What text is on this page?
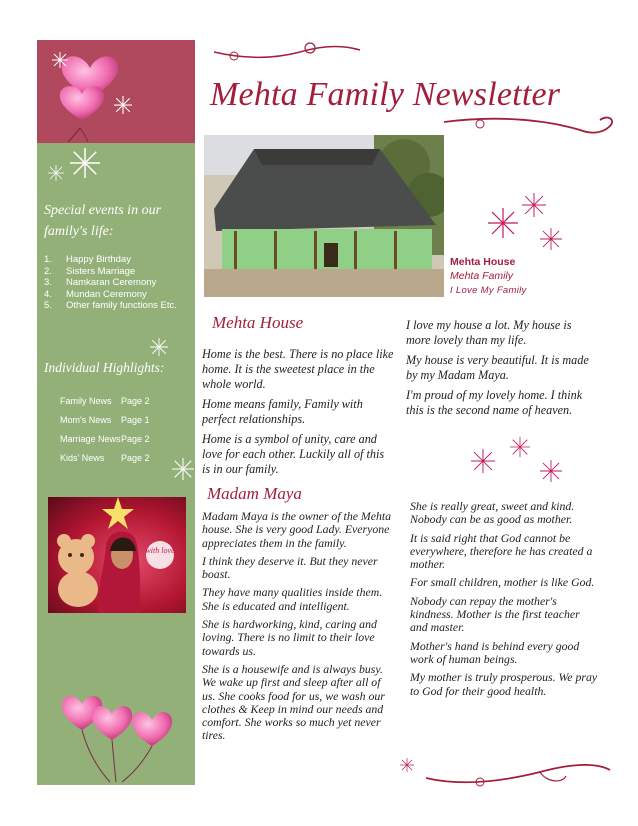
Special events in our family's life:
1.	Happy Birthday
2.	Sisters Marriage
3.	Namkaran Ceremony
4.	Mundan Ceremony
5.	Other family functions Etc.
Individual Highlights:
Family News	Page 2
Mom's News	Page 1
Marriage News Page 2
Kids' News	Page 2
with love
Mehta Family Newsletter
Mehta House
Mehta Family
I Love My Family
Mehta House

Home is the best. There is no place like home. It is the sweetest place in the whole world.

Home means family, Family with perfect relationships.

Home is a symbol of unity, care and love for each other. Luckily all of this is in our family.

I love my house a lot. My house is more lovely than my life.

My house is very beautiful. It is made by my Madam Maya.

I'm proud of my lovely home. I think this is the second name of heaven.

Madam Maya

Madam Maya is the owner of the Mehta house. She is very good Lady. Everyone appreciates them in the family.

I think they deserve it. But they never boast.

They have many qualities inside them. She is educated and intelligent.

She is hardworking, kind, caring and loving. There is no limit to their love towards us.

She is a housewife and is always busy. We wake up first and sleep after all of us. She cooks food for us, we wash our clothes & Keep in mind our needs and comfort. She works so much yet never tires.

She is really great, sweet and kind. Nobody can be as good as mother.

It is said right that God cannot be everywhere, therefore he has created a mother.

For small children, mother is like God.

Nobody can repay the mother's kindness. Mother is the first teacher and master.

Mother's hand is behind every good work of human beings.

My mother is truly prosperous. We pray to God for their good health.
